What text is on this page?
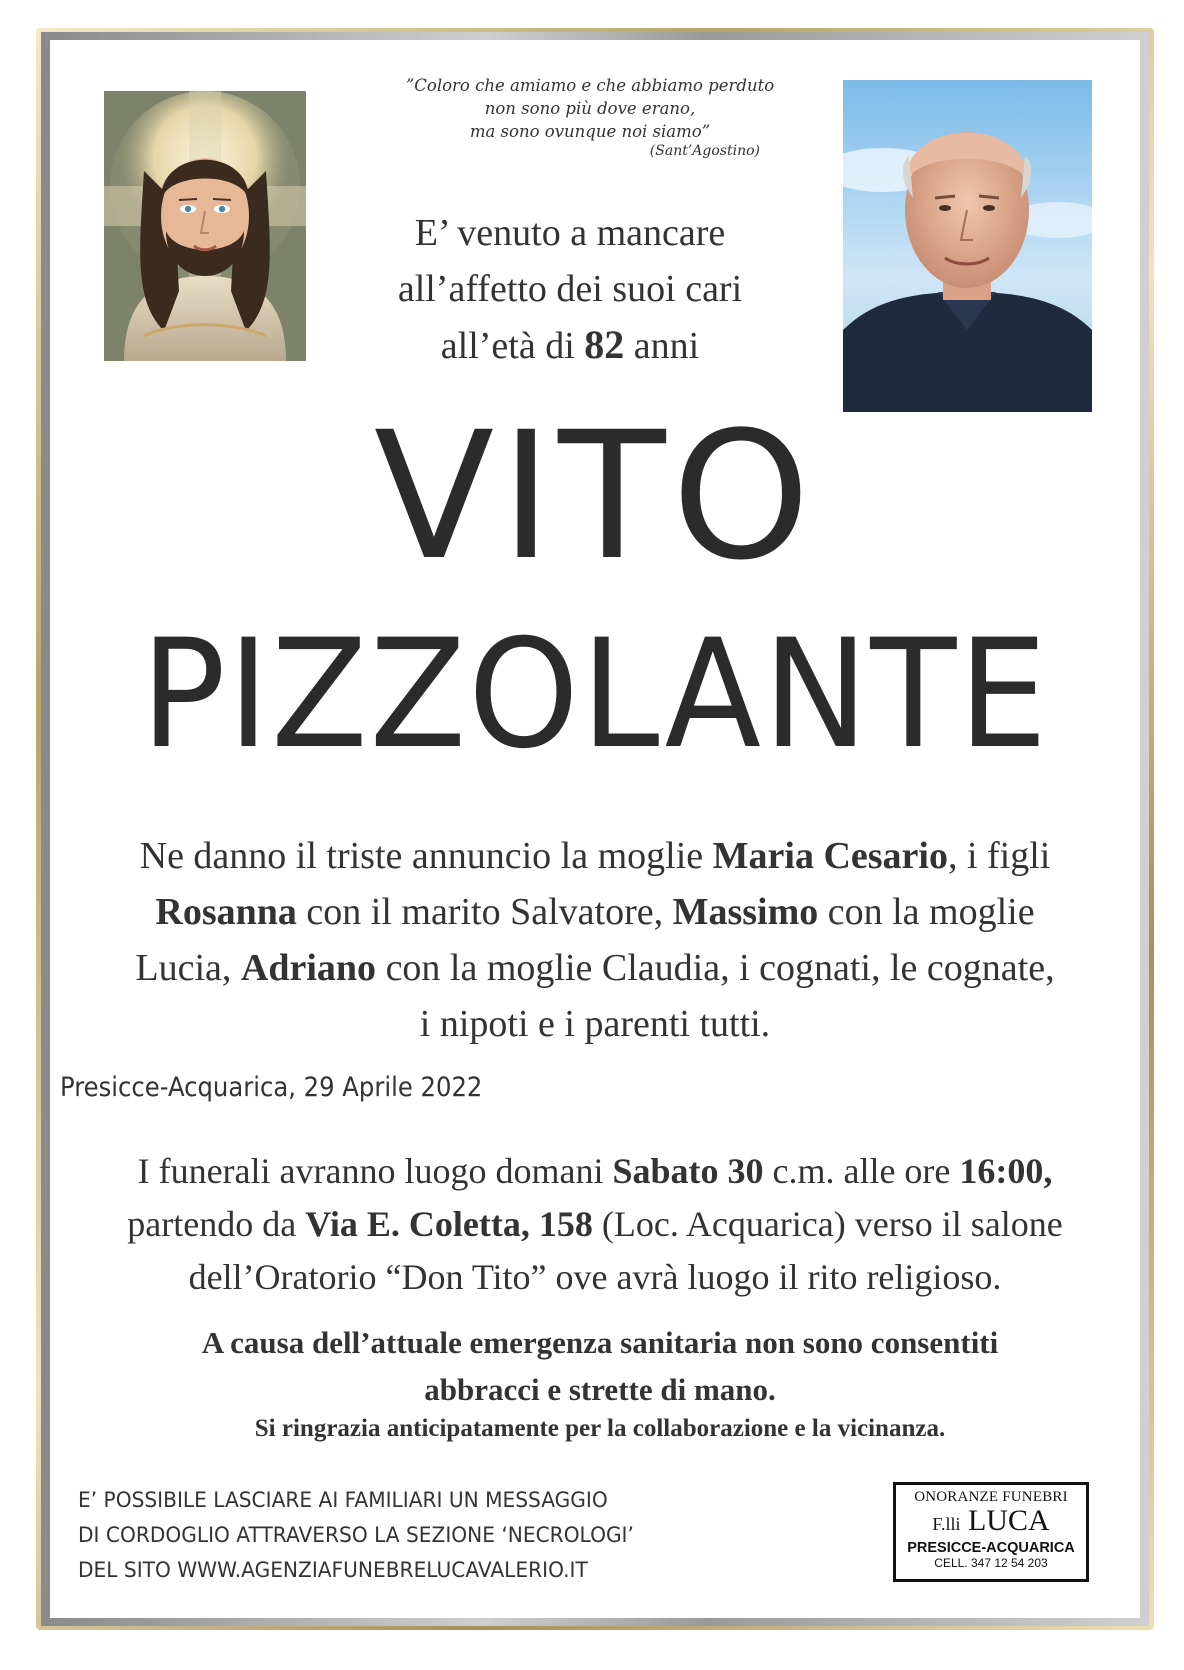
”Coloro che amiamo e che abbiamo perduto
non sono più dove erano,
ma sono ovunque noi siamo”
(Sant’Agostino)
E’ venuto a mancare
all’affetto dei suoi cari
all’età di 82 anni
VITO
PIZZOLANTE
Ne danno il triste annuncio la moglie Maria Cesario, i figli
Rosanna con il marito Salvatore, Massimo con la moglie
Lucia, Adriano con la moglie Claudia, i cognati, le cognate,
i nipoti e i parenti tutti.
Presicce-Acquarica, 29 Aprile 2022
I funerali avranno luogo domani Sabato 30 c.m. alle ore 16:00,
partendo da Via E. Coletta, 158 (Loc. Acquarica) verso il salone
dell’Oratorio “Don Tito” ove avrà luogo il rito religioso.
A causa dell’attuale emergenza sanitaria non sono consentiti
abbracci e strette di mano.
Si ringrazia anticipatamente per la collaborazione e la vicinanza.
E’ POSSIBILE LASCIARE AI FAMILIARI UN MESSAGGIO
DI CORDOGLIO ATTRAVERSO LA SEZIONE ‘NECROLOGI’
DEL SITO WWW.AGENZIAFUNEBRELUCAVALERIO.IT
ONORANZE FUNEBRI
F.lli LUCA
PRESICCE-ACQUARICA
CELL. 347 12 54 203
